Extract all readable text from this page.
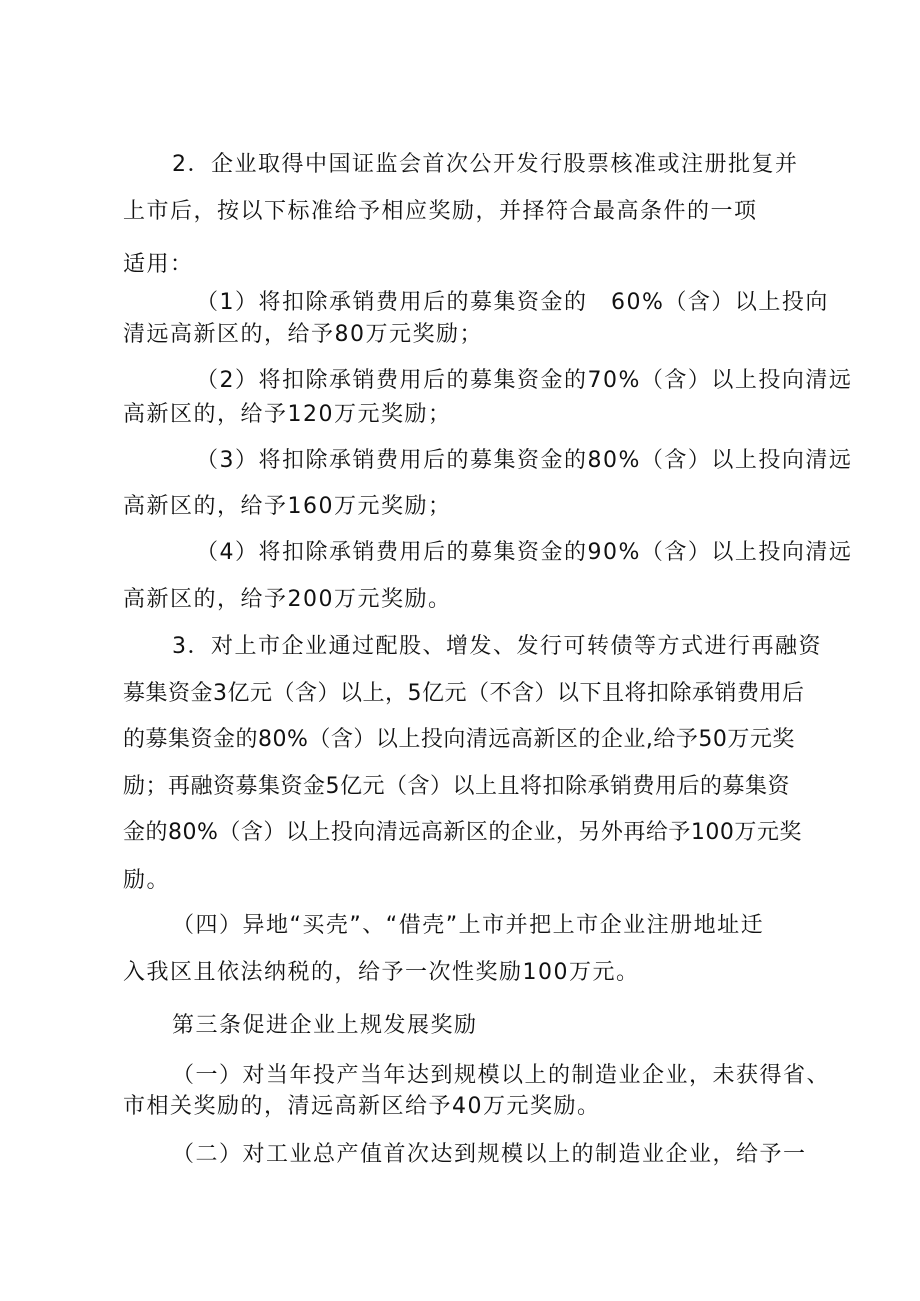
2．企业取得中国证监会首次公开发行股票核准或注册批复并
上市后，按以下标准给予相应奖励，并择符合最高条件的一项
适用：
（1）将扣除承销费用后的募集资金的　60%（含）以上投向
清远高新区的，给予80万元奖励；
（2）将扣除承销费用后的募集资金的70%（含）以上投向清远
高新区的，给予120万元奖励；
（3）将扣除承销费用后的募集资金的80%（含）以上投向清远
高新区的，给予160万元奖励；
（4）将扣除承销费用后的募集资金的90%（含）以上投向清远
高新区的，给予200万元奖励。
3．对上市企业通过配股、增发、发行可转债等方式进行再融资
募集资金3亿元（含）以上，5亿元（不含）以下且将扣除承销费用后
的募集资金的80%（含）以上投向清远高新区的企业,给予50万元奖
励；再融资募集资金5亿元（含）以上且将扣除承销费用后的募集资
金的80%（含）以上投向清远高新区的企业，另外再给予100万元奖
励。
（四）异地“买壳”、“借壳”上市并把上市企业注册地址迁
入我区且依法纳税的，给予一次性奖励100万元。
第三条促进企业上规发展奖励
（一）对当年投产当年达到规模以上的制造业企业，未获得省、
市相关奖励的，清远高新区给予40万元奖励。
（二）对工业总产值首次达到规模以上的制造业企业，给予一
